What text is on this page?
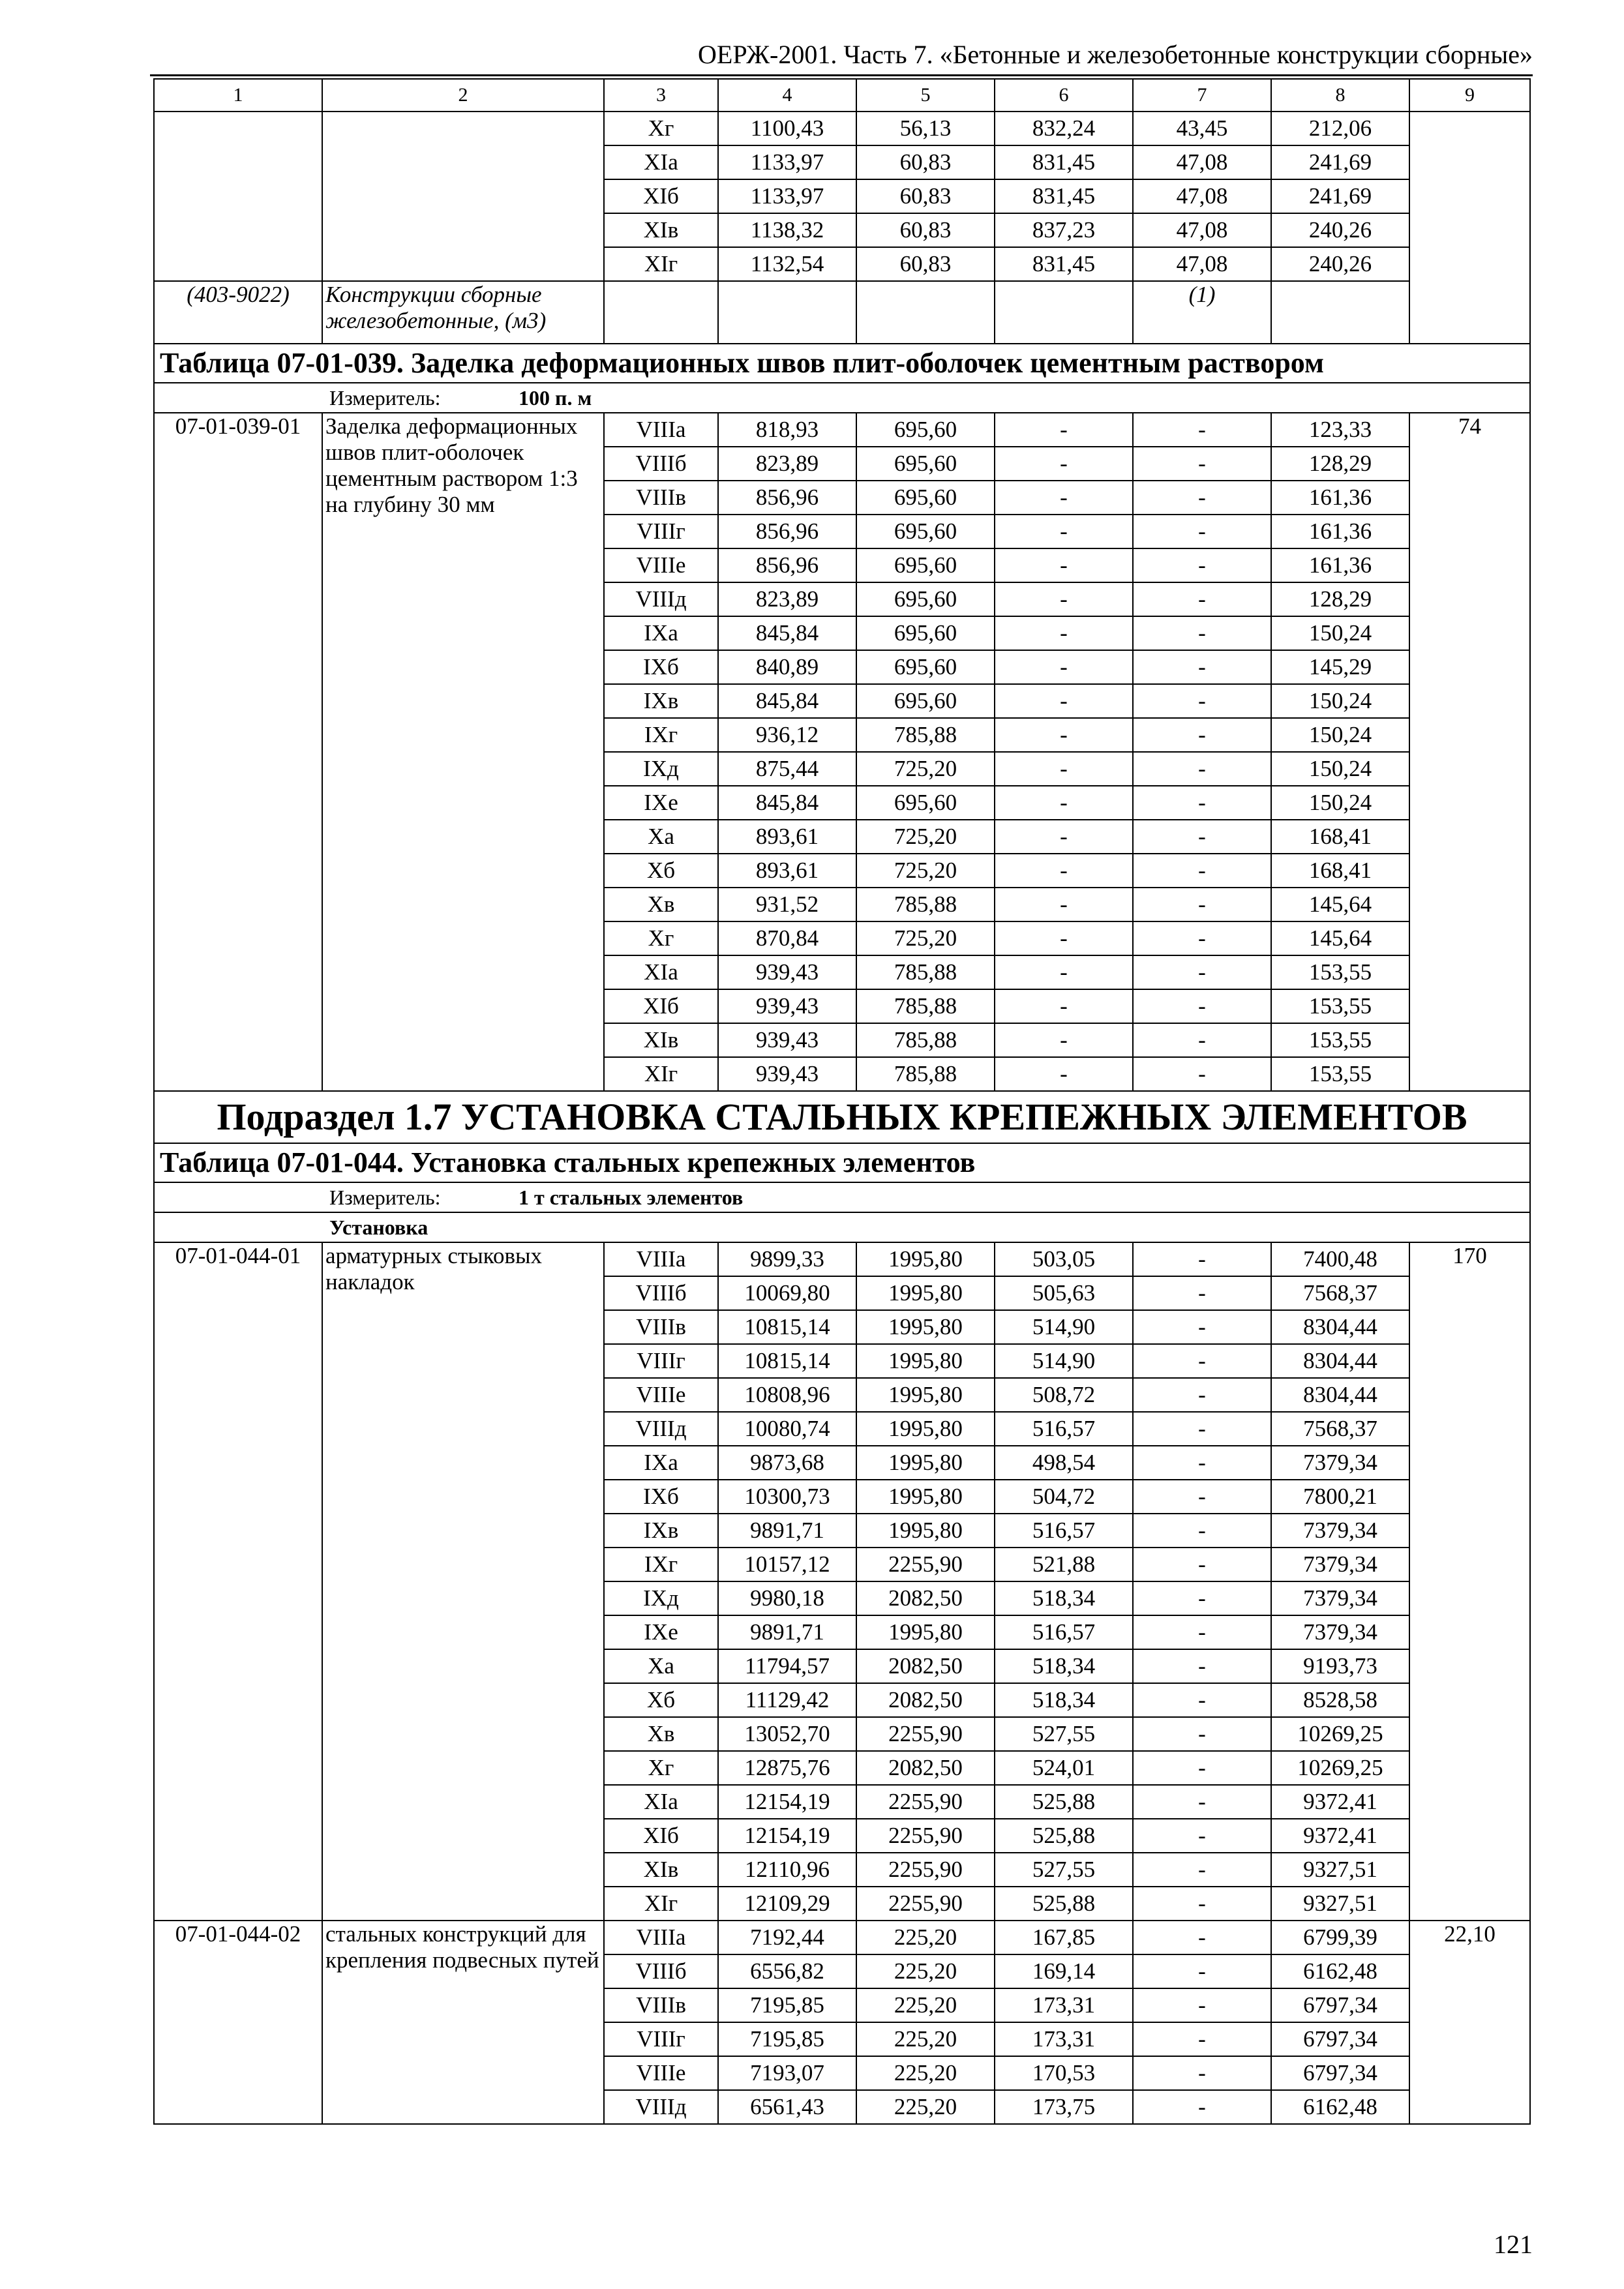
ОЕРЖ-2001. Часть 7. «Бетонные и железобетонные конструкции сборные»
1	2	3	4	5	6	7	8	9
		Xг	1100,43	56,13	832,24	43,45	212,06	
		XIа	1133,97	60,83	831,45	47,08	241,69	
		XIб	1133,97	60,83	831,45	47,08	241,69	
		XIв	1138,32	60,83	837,23	47,08	240,26	
		XIг	1132,54	60,83	831,45	47,08	240,26	
(403-9022)	Конструкции сборные железобетонные, (м3)					(1)		
Таблица 07-01-039. Заделка деформационных швов плит-оболочек цементным раствором								
Измеритель: 100 п. м								
07-01-039-01	Заделка деформационных швов плит-оболочек цементным раствором 1:3 на глубину 30 мм	VIIIа	818,93	695,60	-	-	123,33	74
		VIIIб	823,89	695,60	-	-	128,29	
		VIIIв	856,96	695,60	-	-	161,36	
		VIIIг	856,96	695,60	-	-	161,36	
		VIIIе	856,96	695,60	-	-	161,36	
		VIIIд	823,89	695,60	-	-	128,29	
		IXа	845,84	695,60	-	-	150,24	
		IXб	840,89	695,60	-	-	145,29	
		IXв	845,84	695,60	-	-	150,24	
		IXг	936,12	785,88	-	-	150,24	
		IXд	875,44	725,20	-	-	150,24	
		IXе	845,84	695,60	-	-	150,24	
		Xа	893,61	725,20	-	-	168,41	
		Xб	893,61	725,20	-	-	168,41	
		Xв	931,52	785,88	-	-	145,64	
		Xг	870,84	725,20	-	-	145,64	
		XIа	939,43	785,88	-	-	153,55	
		XIб	939,43	785,88	-	-	153,55	
		XIв	939,43	785,88	-	-	153,55	
		XIг	939,43	785,88	-	-	153,55	
Подраздел 1.7 УСТАНОВКА СТАЛЬНЫХ КРЕПЕЖНЫХ ЭЛЕМЕНТОВ								
Таблица 07-01-044. Установка стальных крепежных элементов								
Измеритель: 1 т стальных элементов								
Установка								
07-01-044-01	арматурных стыковых накладок	VIIIа	9899,33	1995,80	503,05	-	7400,48	170
		VIIIб	10069,80	1995,80	505,63	-	7568,37	
		VIIIв	10815,14	1995,80	514,90	-	8304,44	
		VIIIг	10815,14	1995,80	514,90	-	8304,44	
		VIIIе	10808,96	1995,80	508,72	-	8304,44	
		VIIIд	10080,74	1995,80	516,57	-	7568,37	
		IXа	9873,68	1995,80	498,54	-	7379,34	
		IXб	10300,73	1995,80	504,72	-	7800,21	
		IXв	9891,71	1995,80	516,57	-	7379,34	
		IXг	10157,12	2255,90	521,88	-	7379,34	
		IXд	9980,18	2082,50	518,34	-	7379,34	
		IXе	9891,71	1995,80	516,57	-	7379,34	
		Xа	11794,57	2082,50	518,34	-	9193,73	
		Xб	11129,42	2082,50	518,34	-	8528,58	
		Xв	13052,70	2255,90	527,55	-	10269,25	
		Xг	12875,76	2082,50	524,01	-	10269,25	
		XIа	12154,19	2255,90	525,88	-	9372,41	
		XIб	12154,19	2255,90	525,88	-	9372,41	
		XIв	12110,96	2255,90	527,55	-	9327,51	
		XIг	12109,29	2255,90	525,88	-	9327,51	
07-01-044-02	стальных конструкций для крепления подвесных путей	VIIIа	7192,44	225,20	167,85	-	6799,39	22,10
		VIIIб	6556,82	225,20	169,14	-	6162,48	
		VIIIв	7195,85	225,20	173,31	-	6797,34	
		VIIIг	7195,85	225,20	173,31	-	6797,34	
		VIIIе	7193,07	225,20	170,53	-	6797,34	
		VIIIд	6561,43	225,20	173,75	-	6162,48	
121
